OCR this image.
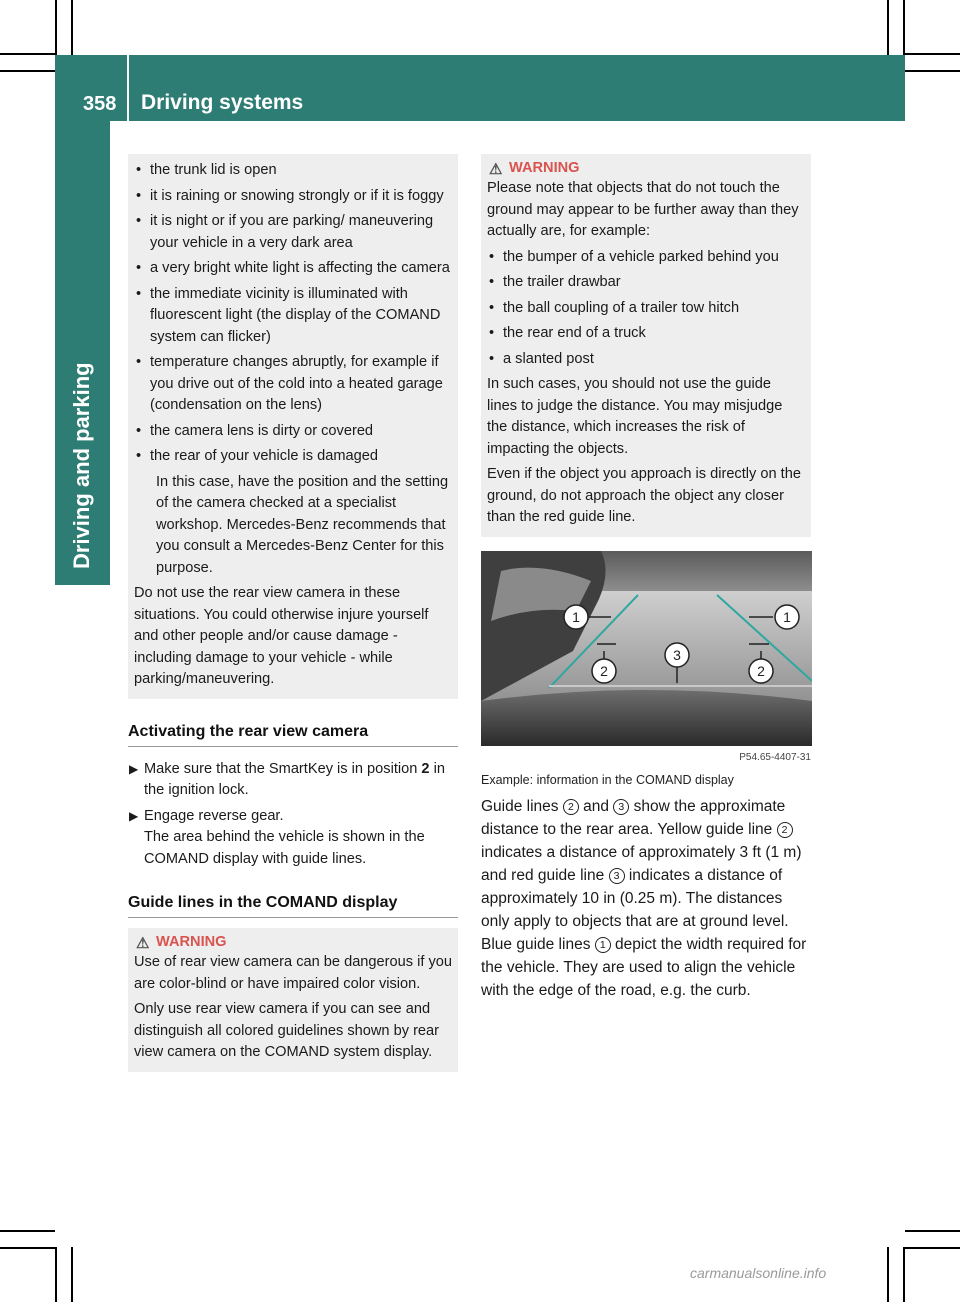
358 Driving systems
Driving and parking
• the trunk lid is open
• it is raining or snowing strongly or if it is foggy
• it is night or if you are parking/ maneuvering your vehicle in a very dark area
• a very bright white light is affecting the camera
• the immediate vicinity is illuminated with fluorescent light (the display of the COMAND system can flicker)
• temperature changes abruptly, for example if you drive out of the cold into a heated garage (condensation on the lens)
• the camera lens is dirty or covered
• the rear of your vehicle is damaged
In this case, have the position and the setting of the camera checked at a specialist workshop. Mercedes-Benz recommends that you consult a Mercedes-Benz Center for this purpose.
Do not use the rear view camera in these situations. You could otherwise injure yourself and other people and/or cause damage - including damage to your vehicle - while parking/maneuvering.
Activating the rear view camera
▶ Make sure that the SmartKey is in position 2 in the ignition lock.
▶ Engage reverse gear.
The area behind the vehicle is shown in the COMAND display with guide lines.
Guide lines in the COMAND display
⚠ WARNING
Use of rear view camera can be dangerous if you are color-blind or have impaired color vision.
Only use rear view camera if you can see and distinguish all colored guidelines shown by rear view camera on the COMAND system display.
⚠ WARNING
Please note that objects that do not touch the ground may appear to be further away than they actually are, for example:
• the bumper of a vehicle parked behind you
• the trailer drawbar
• the ball coupling of a trailer tow hitch
• the rear end of a truck
• a slanted post
In such cases, you should not use the guide lines to judge the distance. You may misjudge the distance, which increases the risk of impacting the objects.
Even if the object you approach is directly on the ground, do not approach the object any closer than the red guide line.
1	1
2
3
2
P54.65-4407-31
Example: information in the COMAND display
Guide lines 2 and 3 show the approximate distance to the rear area. Yellow guide line 2 indicates a distance of approximately 3 ft (1 m) and red guide line 3 indicates a distance of approximately 10 in (0.25 m). The distances only apply to objects that are at ground level. Blue guide lines 1 depict the width required for the vehicle. They are used to align the vehicle with the edge of the road, e.g. the curb.
carmanualsonline.info
